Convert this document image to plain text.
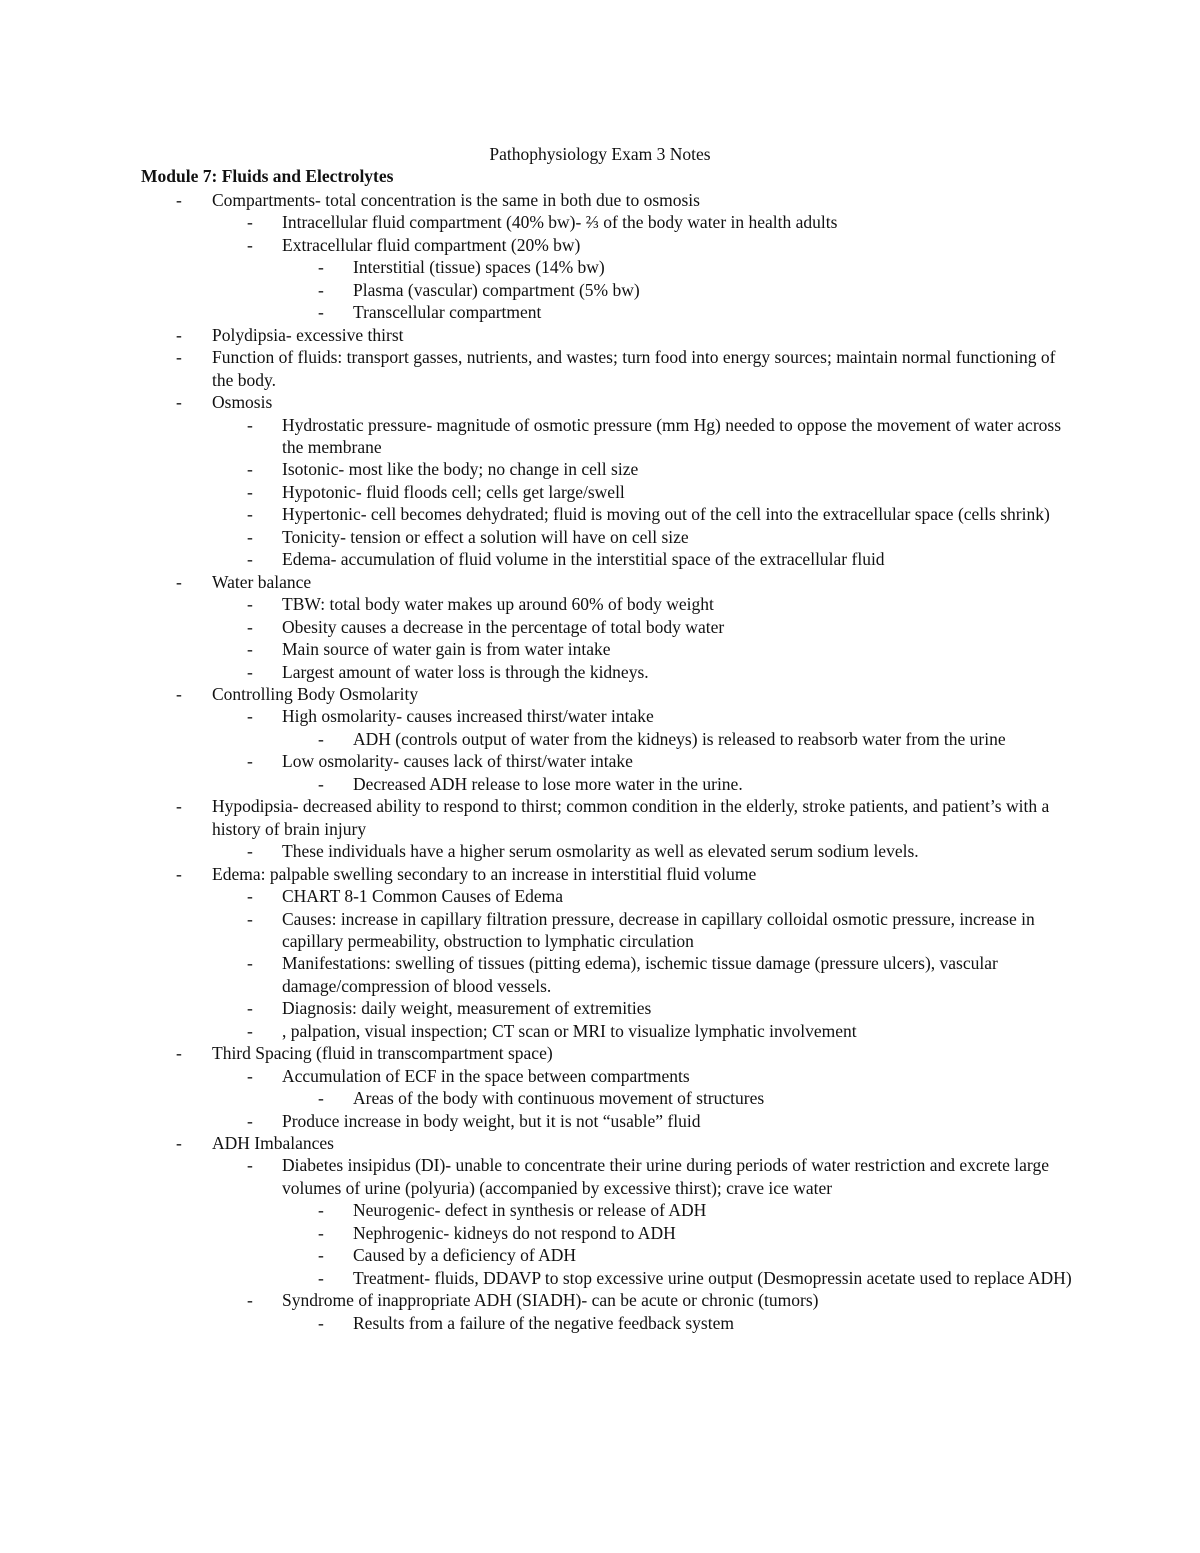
Pathophysiology Exam 3 Notes
Module 7: Fluids and Electrolytes
- Compartments- total concentration is the same in both due to osmosis
- Intracellular fluid compartment (40% bw)- ⅔ of the body water in health adults
- Extracellular fluid compartment (20% bw)
- Interstitial (tissue) spaces (14% bw)
- Plasma (vascular) compartment (5% bw)
- Transcellular compartment
- Polydipsia- excessive thirst
- Function of fluids: transport gasses, nutrients, and wastes; turn food into energy sources; maintain normal functioning of the body.
- Osmosis
- Hydrostatic pressure- magnitude of osmotic pressure (mm Hg) needed to oppose the movement of water across the membrane
- Isotonic- most like the body; no change in cell size
- Hypotonic- fluid floods cell; cells get large/swell
- Hypertonic- cell becomes dehydrated; fluid is moving out of the cell into the extracellular space (cells shrink)
- Tonicity- tension or effect a solution will have on cell size
- Edema- accumulation of fluid volume in the interstitial space of the extracellular fluid
- Water balance
- TBW: total body water makes up around 60% of body weight
- Obesity causes a decrease in the percentage of total body water
- Main source of water gain is from water intake
- Largest amount of water loss is through the kidneys.
- Controlling Body Osmolarity
- High osmolarity- causes increased thirst/water intake
- ADH (controls output of water from the kidneys) is released to reabsorb water from the urine
- Low osmolarity- causes lack of thirst/water intake
- Decreased ADH release to lose more water in the urine.
- Hypodipsia- decreased ability to respond to thirst; common condition in the elderly, stroke patients, and patient’s with a history of brain injury
- These individuals have a higher serum osmolarity as well as elevated serum sodium levels.
- Edema: palpable swelling secondary to an increase in interstitial fluid volume
- CHART 8-1 Common Causes of Edema
- Causes: increase in capillary filtration pressure, decrease in capillary colloidal osmotic pressure, increase in capillary permeability, obstruction to lymphatic circulation
- Manifestations: swelling of tissues (pitting edema), ischemic tissue damage (pressure ulcers), vascular damage/compression of blood vessels.
- Diagnosis: daily weight, measurement of extremities
- , palpation, visual inspection; CT scan or MRI to visualize lymphatic involvement
- Third Spacing (fluid in transcompartment space)
- Accumulation of ECF in the space between compartments
- Areas of the body with continuous movement of structures
- Produce increase in body weight, but it is not “usable” fluid
- ADH Imbalances
- Diabetes insipidus (DI)- unable to concentrate their urine during periods of water restriction and excrete large volumes of urine (polyuria) (accompanied by excessive thirst); crave ice water
- Neurogenic- defect in synthesis or release of ADH
- Nephrogenic- kidneys do not respond to ADH
- Caused by a deficiency of ADH
- Treatment- fluids, DDAVP to stop excessive urine output (Desmopressin acetate used to replace ADH)
- Syndrome of inappropriate ADH (SIADH)- can be acute or chronic (tumors)
- Results from a failure of the negative feedback system
